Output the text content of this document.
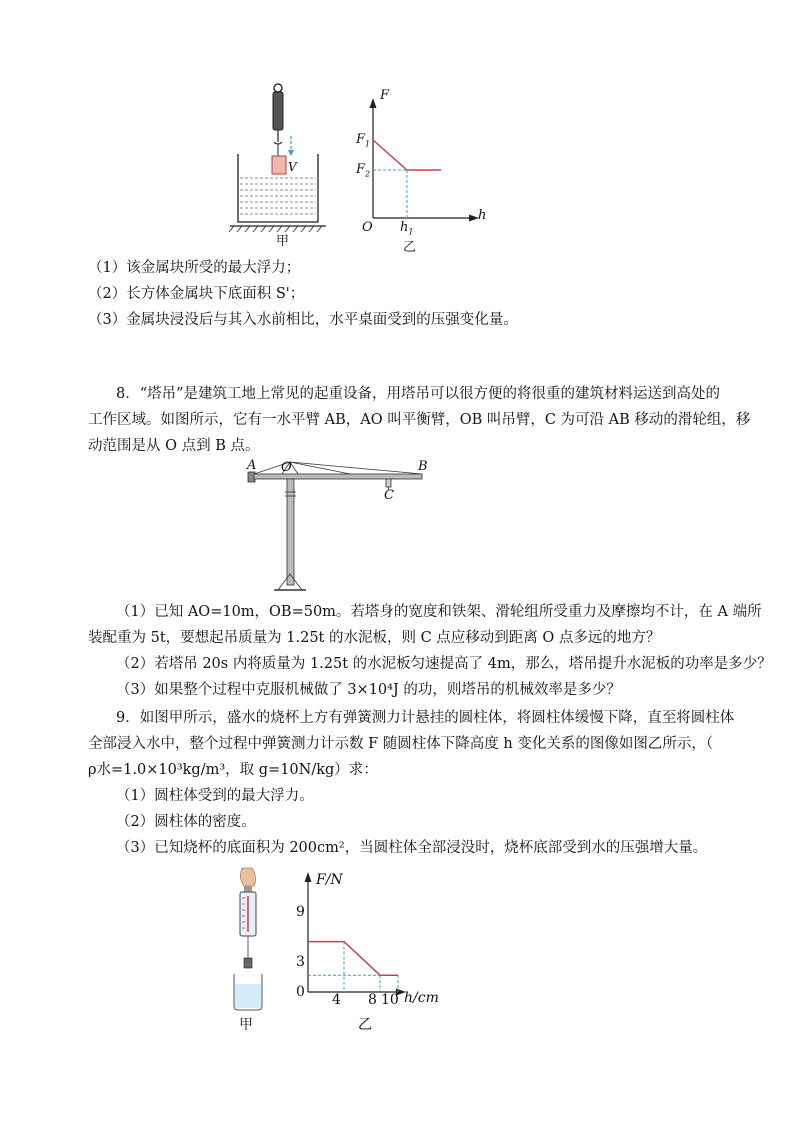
V
甲
F
h
O
$F_1$
$F_2$
$h_1$
乙
（1）该金属块所受的最大浮力；
（2）长方体金属块下底面积 S'；
（3）金属块浸没后与其入水前相比，水平桌面受到的压强变化量。
8．“塔吊”是建筑工地上常见的起重设备，用塔吊可以很方便的将很重的建筑材料运送到高处的
工作区域。如图所示，它有一水平臂 AB，AO 叫平衡臂，OB 叫吊臂，C 为可沿 AB 移动的滑轮组，移
动范围是从 O 点到 B 点。
A O	B
C
（1）已知 AO=10m，OB=50m。若塔身的宽度和铁架、滑轮组所受重力及摩擦均不计，在 A 端所
装配重为 5t，要想起吊质量为 1.25t 的水泥板，则 C 点应移动到距离 O 点多远的地方？
（2）若塔吊 20s 内将质量为 1.25t 的水泥板匀速提高了 4m，那么，塔吊提升水泥板的功率是多少？
（3）如果整个过程中克服机械做了 3×10⁴J 的功，则塔吊的机械效率是多少？
9．如图甲所示，盛水的烧杯上方有弹簧测力计悬挂的圆柱体，将圆柱体缓慢下降，直至将圆柱体
全部浸入水中，整个过程中弹簧测力计示数 F 随圆柱体下降高度 h 变化关系的图像如图乙所示，（
ρ水=1.0×10³kg/m³，取 g=10N/kg）求：
（1）圆柱体受到的最大浮力。
（2）圆柱体的密度。
（3）已知烧杯的底面积为 200cm²，当圆柱体全部浸没时，烧杯底部受到水的压强增大量。
甲
F/N
h/cm
0
9
3
4 8 10
乙
